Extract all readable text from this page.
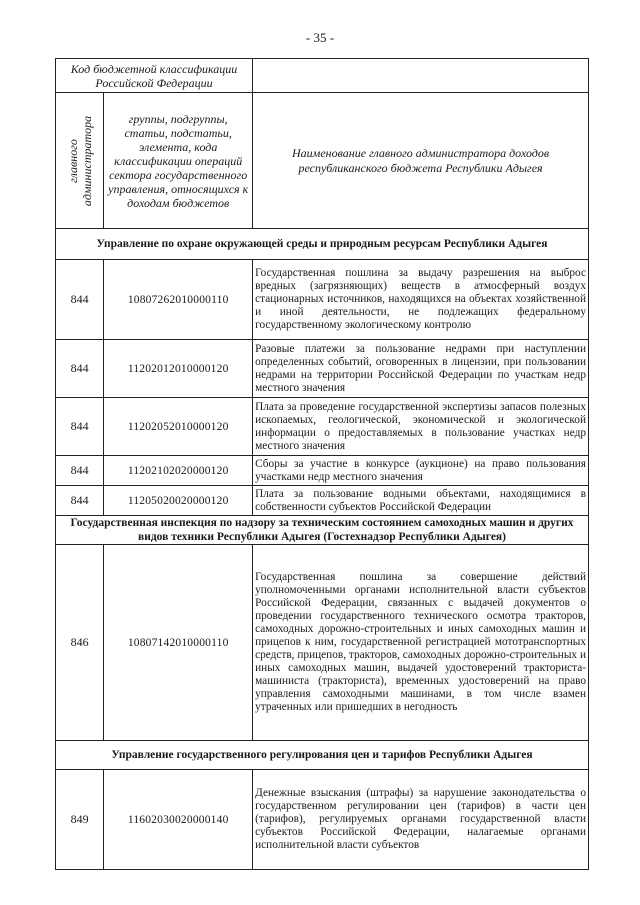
- 35 -
Код бюджетной классификации Российской Федерации		

главного администратора	группы, подгруппы, статьи, подстатьи, элемента, кода классификации операций сектора государственного управления, относящихся к доходам бюджетов	Наименование главного администратора доходов республиканского бюджета Республики Адыгея
Управление по охране окружающей среды и природным ресурсам Республики Адыгея		
844	10807262010000110	Государственная пошлина за выдачу разрешения на выброс вредных (загрязняющих) веществ в атмосферный воздух стационарных источников, находящихся на объектах хозяйственной и иной деятельности, не подлежащих федеральному государственному экологическому контролю

844	11202012010000120	Разовые платежи за пользование недрами при наступлении определенных событий, оговоренных в лицензии, при пользовании недрами на территории Российской Федерации по участкам недр местного значения

844	11202052010000120	Плата за проведение государственной экспертизы запасов полезных ископаемых, геологической, экономической и экологической информации о предоставляемых в пользование участках недр местного значения

844	11202102020000120	Сборы за участие в конкурсе (аукционе) на право пользования участками недр местного значения

844	11205020020000120	Плата за пользование водными объектами, находящимися в собственности субъектов Российской Федерации

Государственная инспекция по надзору за техническим состоянием самоходных машин и других видов техники Республики Адыгея (Гостехнадзор Республики Адыгея)		
846	10807142010000110	Государственная пошлина за совершение действий уполномоченными органами исполнительной власти субъектов Российской Федерации, связанных с выдачей документов о проведении государственного технического осмотра тракторов, самоходных дорожно-строительных и иных самоходных машин и прицепов к ним, государственной регистрацией мототранспортных средств, прицепов, тракторов, самоходных дорожно-строительных и иных самоходных машин, выдачей удостоверений тракториста-машиниста (тракториста), временных удостоверений на право управления самоходными машинами, в том числе взамен утраченных или пришедших в негодность

Управление государственного регулирования цен и тарифов Республики Адыгея		
849	11602030020000140	Денежные взыскания (штрафы) за нарушение законодательства о государственном регулировании цен (тарифов) в части цен (тарифов), регулируемых органами государственной власти субъектов Российской Федерации, налагаемые органами исполнительной власти субъектов
